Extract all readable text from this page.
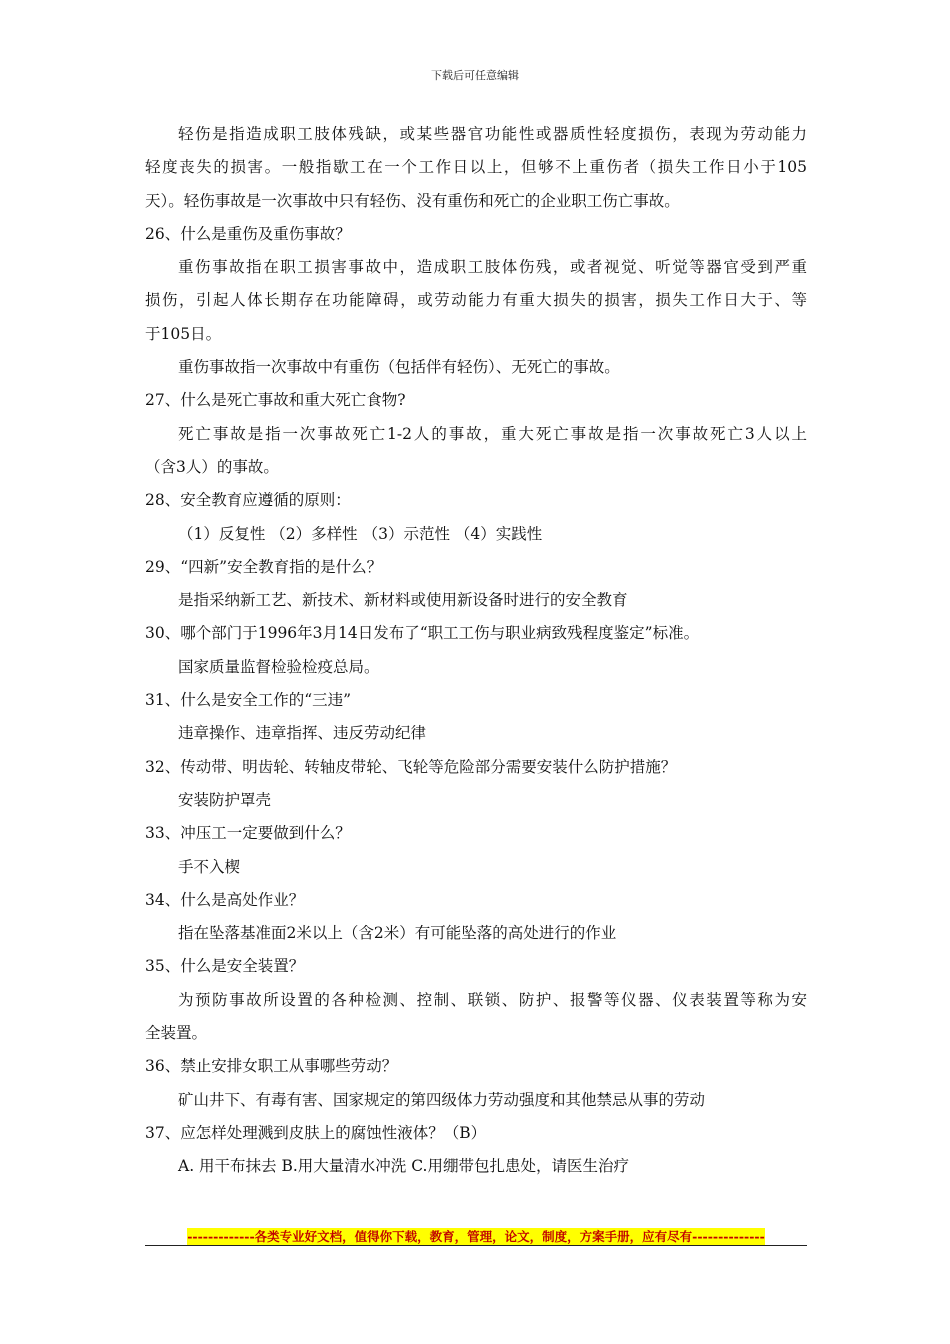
下载后可任意编辑
轻伤是指造成职工肢体残缺，或某些器官功能性或器质性轻度损伤，表现为劳动能力
轻度丧失的损害。一般指歇工在一个工作日以上，但够不上重伤者（损失工作日小于105
天）。轻伤事故是一次事故中只有轻伤、没有重伤和死亡的企业职工伤亡事故。
26、什么是重伤及重伤事故？
重伤事故指在职工损害事故中，造成职工肢体伤残，或者视觉、听觉等器官受到严重
损伤，引起人体长期存在功能障碍，或劳动能力有重大损失的损害，损失工作日大于、等
于105日。
重伤事故指一次事故中有重伤（包括伴有轻伤）、无死亡的事故。
27、什么是死亡事故和重大死亡食物?
死亡事故是指一次事故死亡1-2人的事故，重大死亡事故是指一次事故死亡3人以上
（含3人）的事故。
28、安全教育应遵循的原则：
（1）反复性 （2）多样性 （3）示范性 （4）实践性
29、“四新”安全教育指的是什么？
是指采纳新工艺、新技术、新材料或使用新设备时进行的安全教育
30、哪个部门于1996年3月14日发布了“职工工伤与职业病致残程度鉴定”标准。
国家质量监督检验检疫总局。
31、什么是安全工作的“三违”
违章操作、违章指挥、违反劳动纪律
32、传动带、明齿轮、转轴皮带轮、飞轮等危险部分需要安装什么防护措施？
安装防护罩壳
33、冲压工一定要做到什么？
手不入楔
34、什么是高处作业？
指在坠落基准面2米以上（含2米）有可能坠落的高处进行的作业
35、什么是安全装置？
为预防事故所设置的各种检测、控制、联锁、防护、报警等仪器、仪表装置等称为安
全装置。
36、禁止安排女职工从事哪些劳动？
矿山井下、有毒有害、国家规定的第四级体力劳动强度和其他禁忌从事的劳动
37、应怎样处理溅到皮肤上的腐蚀性液体？（B）
A. 用干布抹去 B.用大量清水冲洗 C.用绷带包扎患处，请医生治疗
-------------各类专业好文档，值得你下载，教育，管理，论文，制度，方案手册，应有尽有--------------
